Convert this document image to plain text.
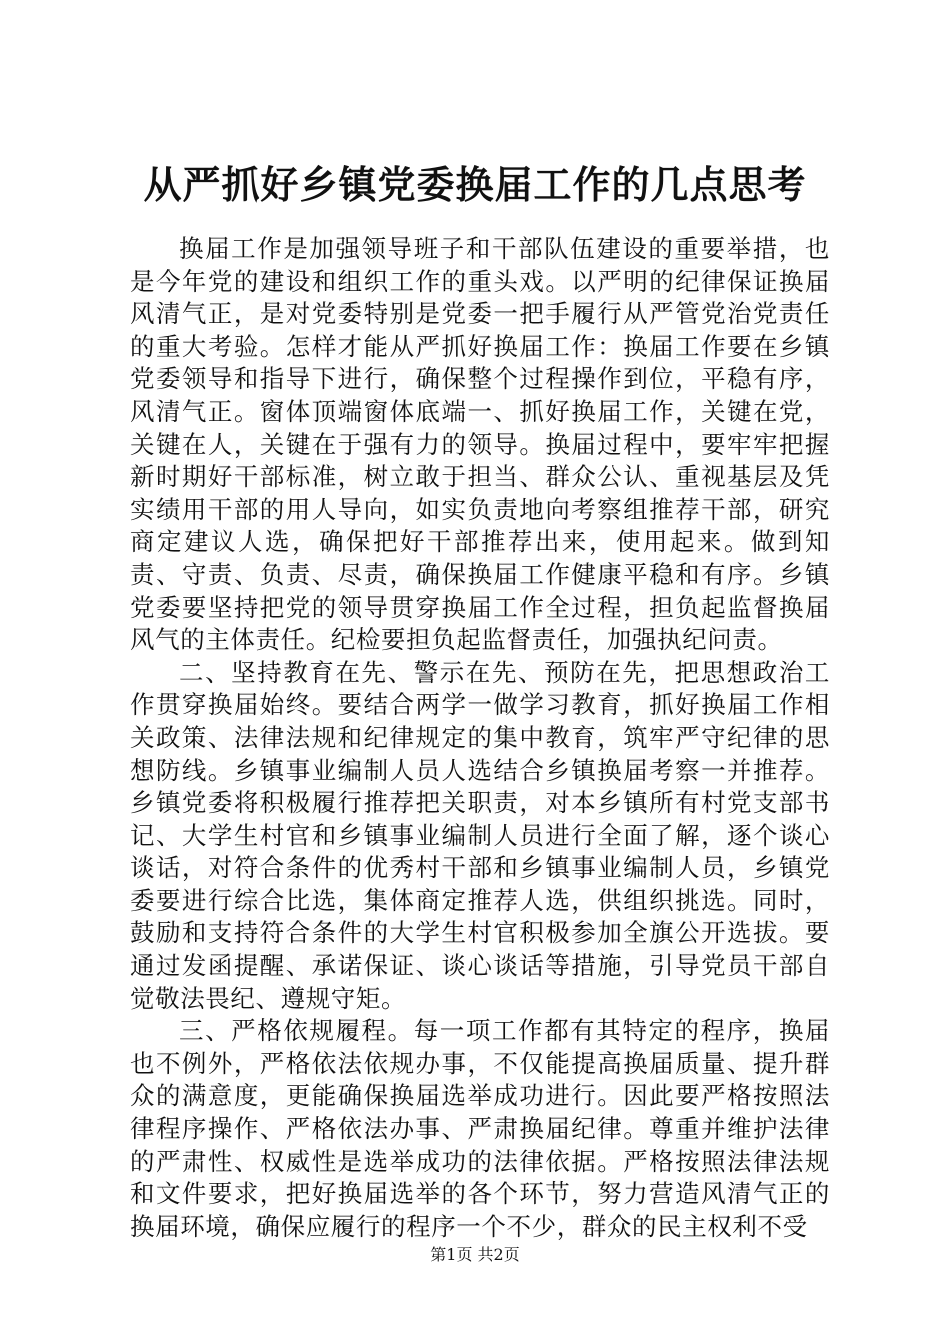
从严抓好乡镇党委换届工作的几点思考

换届工作是加强领导班子和干部队伍建设的重要举措，也是今年党的建设和组织工作的重头戏。以严明的纪律保证换届风清气正，是对党委特别是党委一把手履行从严管党治党责任的重大考验。怎样才能从严抓好换届工作：换届工作要在乡镇党委领导和指导下进行，确保整个过程操作到位，平稳有序，风清气正。窗体顶端窗体底端一、抓好换届工作，关键在党，关键在人，关键在于强有力的领导。换届过程中，要牢牢把握新时期好干部标准，树立敢于担当、群众公认、重视基层及凭实绩用干部的用人导向，如实负责地向考察组推荐干部，研究商定建议人选，确保把好干部推荐出来，使用起来。做到知责、守责、负责、尽责，确保换届工作健康平稳和有序。乡镇党委要坚持把党的领导贯穿换届工作全过程，担负起监督换届风气的主体责任。纪检要担负起监督责任，加强执纪问责。

二、坚持教育在先、警示在先、预防在先，把思想政治工作贯穿换届始终。要结合两学一做学习教育，抓好换届工作相关政策、法律法规和纪律规定的集中教育，筑牢严守纪律的思想防线。乡镇事业编制人员人选结合乡镇换届考察一并推荐。乡镇党委将积极履行推荐把关职责，对本乡镇所有村党支部书记、大学生村官和乡镇事业编制人员进行全面了解，逐个谈心谈话，对符合条件的优秀村干部和乡镇事业编制人员，乡镇党委要进行综合比选，集体商定推荐人选，供组织挑选。同时，鼓励和支持符合条件的大学生村官积极参加全旗公开选拔。要通过发函提醒、承诺保证、谈心谈话等措施，引导党员干部自觉敬法畏纪、遵规守矩。

三、严格依规履程。每一项工作都有其特定的程序，换届也不例外，严格依法依规办事，不仅能提高换届质量、提升群众的满意度，更能确保换届选举成功进行。因此要严格按照法律程序操作、严格依法办事、严肃换届纪律。尊重并维护法律的严肃性、权威性是选举成功的法律依据。严格按照法律法规和文件要求，把好换届选举的各个环节，努力营造风清气正的换届环境，确保应履行的程序一个不少，群众的民主权利不受

第1页 共2页
